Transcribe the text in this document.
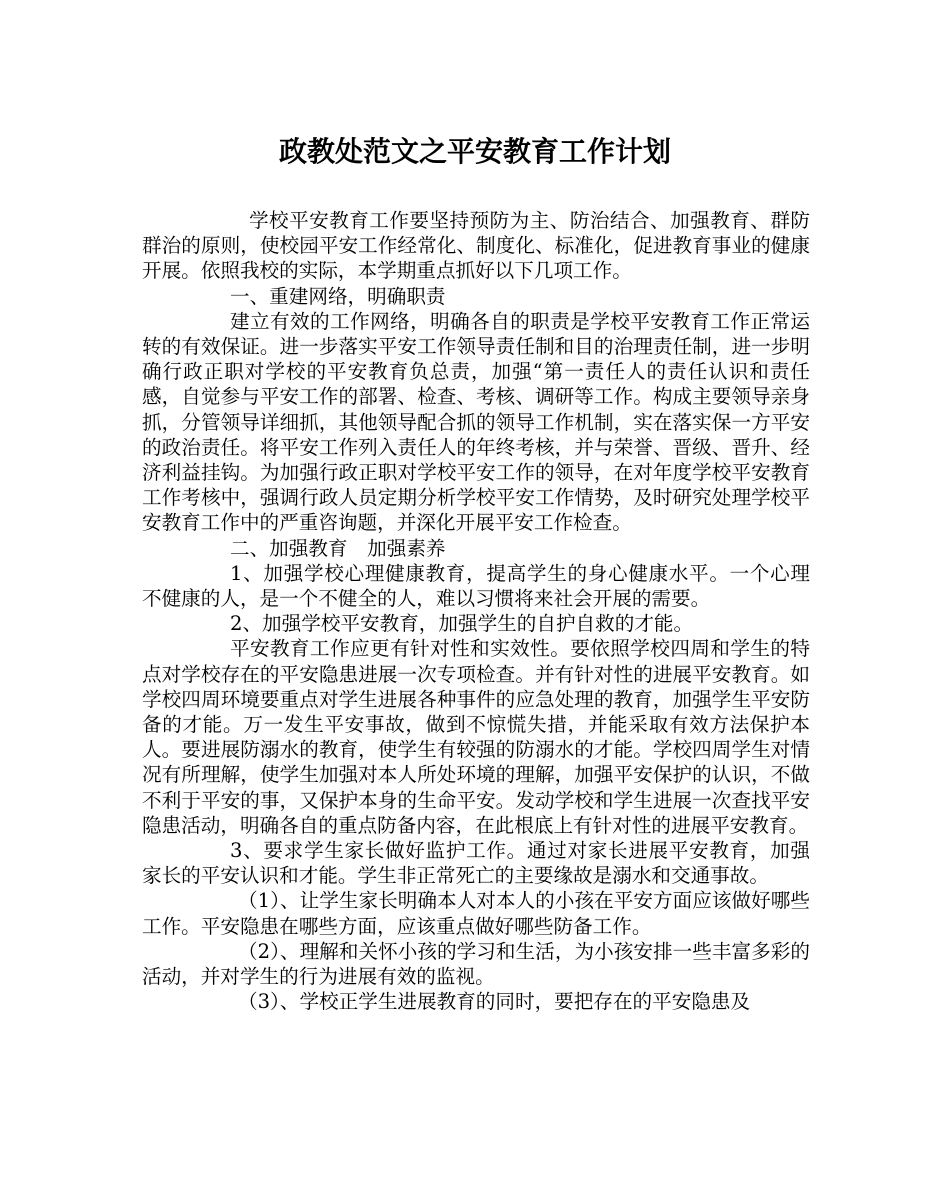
政教处范文之平安教育工作计划

学校平安教育工作要坚持预防为主、防治结合、加强教育、群防群治的原则，使校园平安工作经常化、制度化、标准化，促进教育事业的健康开展。依照我校的实际，本学期重点抓好以下几项工作。

一、重建网络，明确职责

建立有效的工作网络，明确各自的职责是学校平安教育工作正常运转的有效保证。进一步落实平安工作领导责任制和目的治理责任制，进一步明确行政正职对学校的平安教育负总责，加强“第一责任人的责任认识和责任感，自觉参与平安工作的部署、检查、考核、调研等工作。构成主要领导亲身抓，分管领导详细抓，其他领导配合抓的领导工作机制，实在落实保一方平安的政治责任。将平安工作列入责任人的年终考核，并与荣誉、晋级、晋升、经济利益挂钩。为加强行政正职对学校平安工作的领导，在对年度学校平安教育工作考核中，强调行政人员定期分析学校平安工作情势，及时研究处理学校平安教育工作中的严重咨询题，并深化开展平安工作检查。

二、加强教育　加强素养

1、加强学校心理健康教育，提高学生的身心健康水平。一个心理不健康的人，是一个不健全的人，难以习惯将来社会开展的需要。

2、加强学校平安教育，加强学生的自护自救的才能。

平安教育工作应更有针对性和实效性。要依照学校四周和学生的特点对学校存在的平安隐患进展一次专项检查。并有针对性的进展平安教育。如学校四周环境要重点对学生进展各种事件的应急处理的教育，加强学生平安防备的才能。万一发生平安事故，做到不惊慌失措，并能采取有效方法保护本人。要进展防溺水的教育，使学生有较强的防溺水的才能。学校四周学生对情况有所理解，使学生加强对本人所处环境的理解，加强平安保护的认识，不做不利于平安的事，又保护本身的生命平安。发动学校和学生进展一次查找平安隐患活动，明确各自的重点防备内容，在此根底上有针对性的进展平安教育。

3、要求学生家长做好监护工作。通过对家长进展平安教育，加强家长的平安认识和才能。学生非正常死亡的主要缘故是溺水和交通事故。

（1）、让学生家长明确本人对本人的小孩在平安方面应该做好哪些工作。平安隐患在哪些方面，应该重点做好哪些防备工作。

（2）、理解和关怀小孩的学习和生活，为小孩安排一些丰富多彩的活动，并对学生的行为进展有效的监视。

（3）、学校正学生进展教育的同时，要把存在的平安隐患及
